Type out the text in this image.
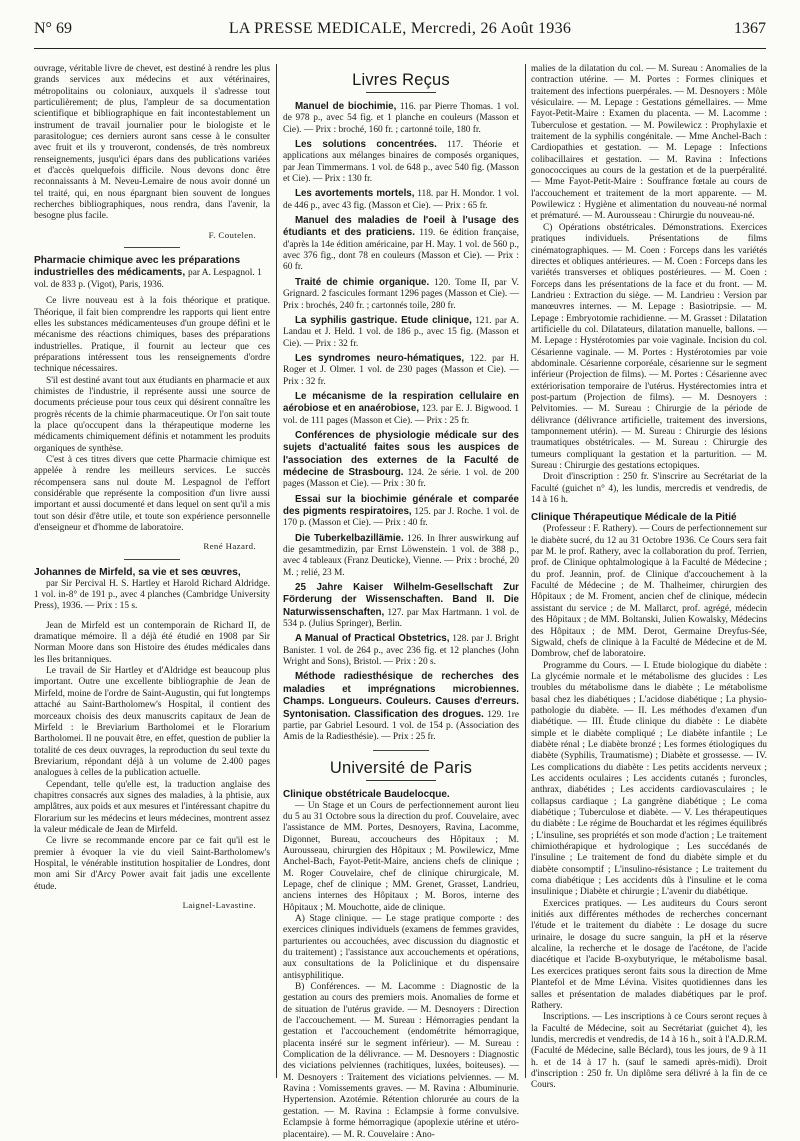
N° 69	LA PRESSE MEDICALE, Mercredi, 26 Août 1936	1367

ouvrage, véritable livre de chevet, est destiné à rendre les plus grands services aux médecins et aux vétérinaires, métropolitains ou coloniaux, auxquels il s'adresse tout particulièrement; de plus, l'ampleur de sa documentation scientifique et bibliographique en fait incontestablement un instrument de travail journalier pour le biologiste et le parasitologue; ces derniers auront sans cesse à le consulter avec fruit et ils y trouveront, condensés, de très nombreux renseignements, jusqu'ici épars dans des publications variées et d'accès quelquefois difficile. Nous devons donc être reconnaissants à M. Neveu-Lemaire de nous avoir donné un tel traité, qui, en nous épargnant bien souvent de longues recherches bibliographiques, nous rendra, dans l'avenir, la besogne plus facile.

F. Coutelen.

Pharmacie chimique avec les préparations industrielles des médicaments, par A. Lespagnol. 1 vol. de 833 p. (Vigot), Paris, 1936.

Ce livre nouveau est à la fois théorique et pratique. Théorique, il fait bien comprendre les rapports qui lient entre elles les substances médicamenteuses d'un groupe défini et le mécanisme des réactions chimiques, bases des préparations industrielles. Pratique, il fournit au lecteur que ces préparations intéressent tous les renseignements d'ordre technique nécessaires.

S'il est destiné avant tout aux étudiants en pharmacie et aux chimistes de l'industrie, il représente aussi une source de documents précieuse pour tous ceux qui désirent connaître les progrès récents de la chimie pharmaceutique. Or l'on sait toute la place qu'occupent dans la thérapeutique moderne les médicaments chimiquement définis et notamment les produits organiques de synthèse.

C'est à ces titres divers que cette Pharmacie chimique est appelée à rendre les meilleurs services. Le succès récompensera sans nul doute M. Lespagnol de l'effort considérable que représente la composition d'un livre aussi important et aussi documenté et dans lequel on sent qu'il a mis tout son désir d'être utile, et toute son expérience personnelle d'enseigneur et d'homme de laboratoire.

René Hazard.

Johannes de Mirfeld, sa vie et ses œuvres,

par Sir Percival H. S. Hartley et Harold Richard Aldridge. 1 vol. in-8° de 191 p., avec 4 planches (Cambridge University Press), 1936. — Prix : 15 s.

Jean de Mirfeld est un contemporain de Richard II, de dramatique mémoire. Il a déjà été étudié en 1908 par Sir Norman Moore dans son Histoire des études médicales dans les Iles britanniques.

Le travail de Sir Hartley et d'Aldridge est beaucoup plus important. Outre une excellente bibliographie de Jean de Mirfeld, moine de l'ordre de Saint-Augustin, qui fut longtemps attaché au Saint-Bartholomew's Hospital, il contient des morceaux choisis des deux manuscrits capitaux de Jean de Mirfeld : le Breviarium Bartholomei et le Florarium Bartholomei. Il ne pouvait être, en effet, question de publier la totalité de ces deux ouvrages, la reproduction du seul texte du Breviarium, répondant déjà à un volume de 2.400 pages analogues à celles de la publication actuelle.

Cependant, telle qu'elle est, la traduction anglaise des chapitres consacrés aux signes des maladies, à la phtisie, aux amplâtres, aux poids et aux mesures et l'intéressant chapitre du Florarium sur les médecins et leurs médecines, montrent assez la valeur médicale de Jean de Mirfeld.

Ce livre se recommande encore par ce fait qu'il est le premier à évoquer la vie du vieil Saint-Bartholomew's Hospital, le vénérable institution hospitalier de Londres, dont mon ami Sir d'Arcy Power avait fait jadis une excellente étude.

Laignel-Lavastine.

Livres Reçus

Manuel de biochimie, 116. par Pierre Thomas. 1 vol. de 978 p., avec 54 fig. et 1 planche en couleurs (Masson et Cie). — Prix : broché, 160 fr. ; cartonné toile, 180 fr.

Les solutions concentrées. 117. Théorie et applications aux mélanges binaires de composés organiques, par Jean Timmermans. 1 vol. de 648 p., avec 540 fig. (Masson et Cie). — Prix : 130 fr.

Les avortements mortels, 118. par H. Mondor. 1 vol. de 446 p., avec 43 fig. (Masson et Cie). — Prix : 65 fr.

Manuel des maladies de l'oeil à l'usage des étudiants et des praticiens. 119. 6e édition française, d'après la 14e édition américaine, par H. May. 1 vol. de 560 p., avec 376 fig., dont 78 en couleurs (Masson et Cie). — Prix : 60 fr.

Traité de chimie organique. 120. Tome II, par V. Grignard. 2 fascicules formant 1296 pages (Masson et Cie). — Prix : brochés, 240 fr. ; cartonnés toile, 280 fr.

La syphilis gastrique. Etude clinique, 121. par A. Landau et J. Held. 1 vol. de 186 p., avec 15 fig. (Masson et Cie). — Prix : 32 fr.

Les syndromes neuro-hématiques, 122. par H. Roger et J. Olmer. 1 vol. de 230 pages (Masson et Cie). — Prix : 32 fr.

Le mécanisme de la respiration cellulaire en aérobiose et en anaérobiose, 123. par E. J. Bigwood. 1 vol. de 111 pages (Masson et Cie). — Prix : 25 fr.

Conférences de physiologie médicale sur des sujets d'actualité faites sous les auspices de l'association des externes de la Faculté de médecine de Strasbourg. 124. 2e série. 1 vol. de 200 pages (Masson et Cie). — Prix : 30 fr.

Essai sur la biochimie générale et comparée des pigments respiratoires, 125. par J. Roche. 1 vol. de 170 p. (Masson et Cie). — Prix : 40 fr.

Die Tuberkelbazillämie. 126. In Ihrer auswirkung auf die gesamtmedizin, par Ernst Löwenstein. 1 vol. de 388 p., avec 4 tableaux (Franz Deuticke), Vienne. — Prix : broché, 20 M. ; relié, 23 M.

25 Jahre Kaiser Wilhelm-Gesellschaft Zur Förderung der Wissenschaften. Band II. Die Naturwissenschaften, 127. par Max Hartmann. 1 vol. de 534 p. (Julius Springer), Berlin.

A Manual of Practical Obstetrics, 128. par J. Bright Banister. 1 vol. de 264 p., avec 236 fig. et 12 planches (John Wright and Sons), Bristol. — Prix : 20 s.

Méthode radiesthésique de recherches des maladies et imprégnations microbiennes. Champs. Longueurs. Couleurs. Causes d'erreurs. Syntonisation. Classification des drogues. 129. 1re partie, par Gabriel Lesourd. 1 vol. de 154 p. (Association des Amis de la Radiesthésie). — Prix : 25 fr.

Université de Paris

Clinique obstétricale Baudelocque.

— Un Stage et un Cours de perfectionnement auront lieu du 5 au 31 Octobre sous la direction du prof. Couvelaire, avec l'assistance de MM. Portes, Desnoyers, Ravina, Lacomme, Digonnet, Bureau, accoucheurs des Hôpitaux ; M. Aurousseau, chirurgien des Hôpitaux ; M. Powilewicz, Mme Anchel-Bach, Fayot-Petit-Maire, anciens chefs de clinique ; M. Roger Couvelaire, chef de clinique chirurgicale, M. Lepage, chef de clinique ; MM. Grenet, Grasset, Landrieu, anciens internes des Hôpitaux ; M. Boros, interne des Hôpitaux ; M. Mouchotte, aide de clinique.

A) Stage clinique. — Le stage pratique comporte : des exercices cliniques individuels (examens de femmes gravides, parturientes ou accouchées, avec discussion du diagnostic et du traitement) ; l'assistance aux accouchements et opérations, aux consultations de la Policlinique et du dispensaire antisyphilitique.

B) Conférences. — M. Lacomme : Diagnostic de la gestation au cours des premiers mois. Anomalies de forme et de situation de l'utérus gravide. — M. Desnoyers : Direction de l'accouchement. — M. Sureau : Hémorragies pendant la gestation et l'accouchement (endométrite hémorragique, placenta inséré sur le segment inférieur). — M. Sureau : Complication de la délivrance. — M. Desnoyers : Diagnostic des viciations pelviennes (rachitiques, luxées, boiteuses). — M. Desnoyers : Traitement des viciations pelviennes. — M. Ravina : Vomissements graves. — M. Ravina : Albuminurie. Hypertension. Azotémie. Rétention chlorurée au cours de la gestation. — M. Ravina : Eclampsie à forme convulsive. Eclampsie à forme hémorragique (apoplexie utérine et utéro-placentaire). — M. R. Couvelaire : Ano-

malies de la dilatation du col. — M. Sureau : Anomalies de la contraction utérine. — M. Portes : Formes cliniques et traitement des infections puerpérales. — M. Desnoyers : Môle vésiculaire. — M. Lepage : Gestations gémellaires. — Mme Fayot-Petit-Maire : Examen du placenta. — M. Lacomme : Tuberculose et gestation. — M. Powilewicz : Prophylaxie et traitement de la syphilis congénitale. — Mme Anchel-Bach : Cardiopathies et gestation. — M. Lepage : Infections colibacillaires et gestation. — M. Ravina : Infections gonococciques au cours de la gestation et de la puerpéralité. — Mme Fayot-Petit-Maire : Souffrance fœtale au cours de l'accouchement et traitement de la mort apparente. — M. Powilewicz : Hygiène et alimentation du nouveau-né normal et prématuré. — M. Aurousseau : Chirurgie du nouveau-né.

C) Opérations obstétricales. Démonstrations. Exercices pratiques individuels. Présentations de films cinématographiques. — M. Coen : Forceps dans les variétés directes et obliques antérieures. — M. Coen : Forceps dans les variétés transverses et obliques postérieures. — M. Coen : Forceps dans les présentations de la face et du front. — M. Landrieu : Extraction du siège. — M. Landrieu : Version par manœuvres internes. — M. Lepage : Basiotripsie. — M. Lepage : Embryotomie rachidienne. — M. Grasset : Dilatation artificielle du col. Dilatateurs, dilatation manuelle, ballons. — M. Lepage : Hystérotomies par voie vaginale. Incision du col. Césarienne vaginale. — M. Portes : Hystérotomies par voie abdominale. Césarienne corporéale, césarienne sur le segment inférieur (Projection de films). — M. Portes : Césarienne avec extériorisation temporaire de l'utérus. Hystérectomies intra et post-partum (Projection de films). — M. Desnoyers : Pelvitomies. — M. Sureau : Chirurgie de la période de délivrance (délivrance artificielle, traitement des inversions, tamponnement utérin). — M. Sureau : Chirurgie des lésions traumatiques obstétricales. — M. Sureau : Chirurgie des tumeurs compliquant la gestation et la parturition. — M. Sureau : Chirurgie des gestations ectopiques.

Droit d'inscription : 250 fr. S'inscrire au Secrétariat de la Faculté (guichet n° 4), les lundis, mercredis et vendredis, de 14 à 16 h.

Clinique Thérapeutique Médicale de la Pitié

(Professeur : F. Rathery). — Cours de perfectionnement sur le diabète sucré, du 12 au 31 Octobre 1936. Ce Cours sera fait par M. le prof. Rathery, avec la collaboration du prof. Terrien, prof. de Clinique ophtalmologique à la Faculté de Médecine ; du prof. Jeannin, prof. de Clinique d'accouchement à la Faculté de Médecine ; de M. Thalheimer, chirurgien des Hôpitaux ; de M. Froment, ancien chef de clinique, médecin assistant du service ; de M. Mallarct, prof. agrégé, médecin des Hôpitaux ; de MM. Boltanski, Julien Kowalsky, Médecins des Hôpitaux ; de MM. Derot, Germaine Dreyfus-Sée, Sigwald, chefs de clinique à la Faculté de Médecine et de M. Dombrow, chef de laboratoire.

Programme du Cours. — I. Etude biologique du diabète : La glycémie normale et le métabolisme des glucides : Les troubles du métabolisme dans le diabète ; Le métabolisme basal chez les diabétiques ; L'acidose diabétique ; La physio-pathologie du diabète. — II. Les méthodes d'examen d'un diabétique. — III. Étude clinique du diabète : Le diabète simple et le diabète compliqué ; Le diabète infantile ; Le diabète rénal ; Le diabète bronzé ; Les formes étiologiques du diabète (Syphilis, Traumatisme) ; Diabète et grossesse. — IV. Les complications du diabète : Les petits accidents nerveux ; Les accidents oculaires ; Les accidents cutanés ; furoncles, anthrax, diabétides ; Les accidents cardiovasculaires ; le collapsus cardiaque ; La gangrène diabétique ; Le coma diabétique ; Tuberculose et diabète. — V. Les thérapeutiques du diabète : Le régime de Bouchardat et les régimes équilibrés ; L'insuline, ses propriétés et son mode d'action ; Le traitement chimiothérapique et hydrologique ; Les succédanés de l'insuline ; Le traitement de fond du diabète simple et du diabète consomptif ; L'insulino-résistance ; Le traitement du coma diabétique ; Les accidents dûs à l'insuline et le coma insulinique ; Diabète et chirurgie ; L'avenir du diabétique.

Exercices pratiques. — Les auditeurs du Cours seront initiés aux différentes méthodes de recherches concernant l'étude et le traitement du diabète : Le dosage du sucre urinaire, le dosage du sucre sanguin, la pH et la réserve alcaline, la recherche et le dosage de l'acétone, de l'acide diacétique et l'acide B-oxybutyrique, le métabolisme basal. Les exercices pratiques seront faits sous la direction de Mme Plantefol et de Mme Lévina. Visites quotidiennes dans les salles et présentation de malades diabétiques par le prof. Rathery.

Inscriptions. — Les inscriptions à ce Cours seront reçues à la Faculté de Médecine, soit au Secrétariat (guichet 4), les lundis, mercredis et vendredis, de 14 à 16 h., soit à l'A.D.R.M. (Faculté de Médecine, salle Béclard), tous les jours, de 9 à 11 h. et de 14 à 17 h. (sauf le samedi après-midi). Droit d'inscription : 250 fr. Un diplôme sera délivré à la fin de ce Cours.
